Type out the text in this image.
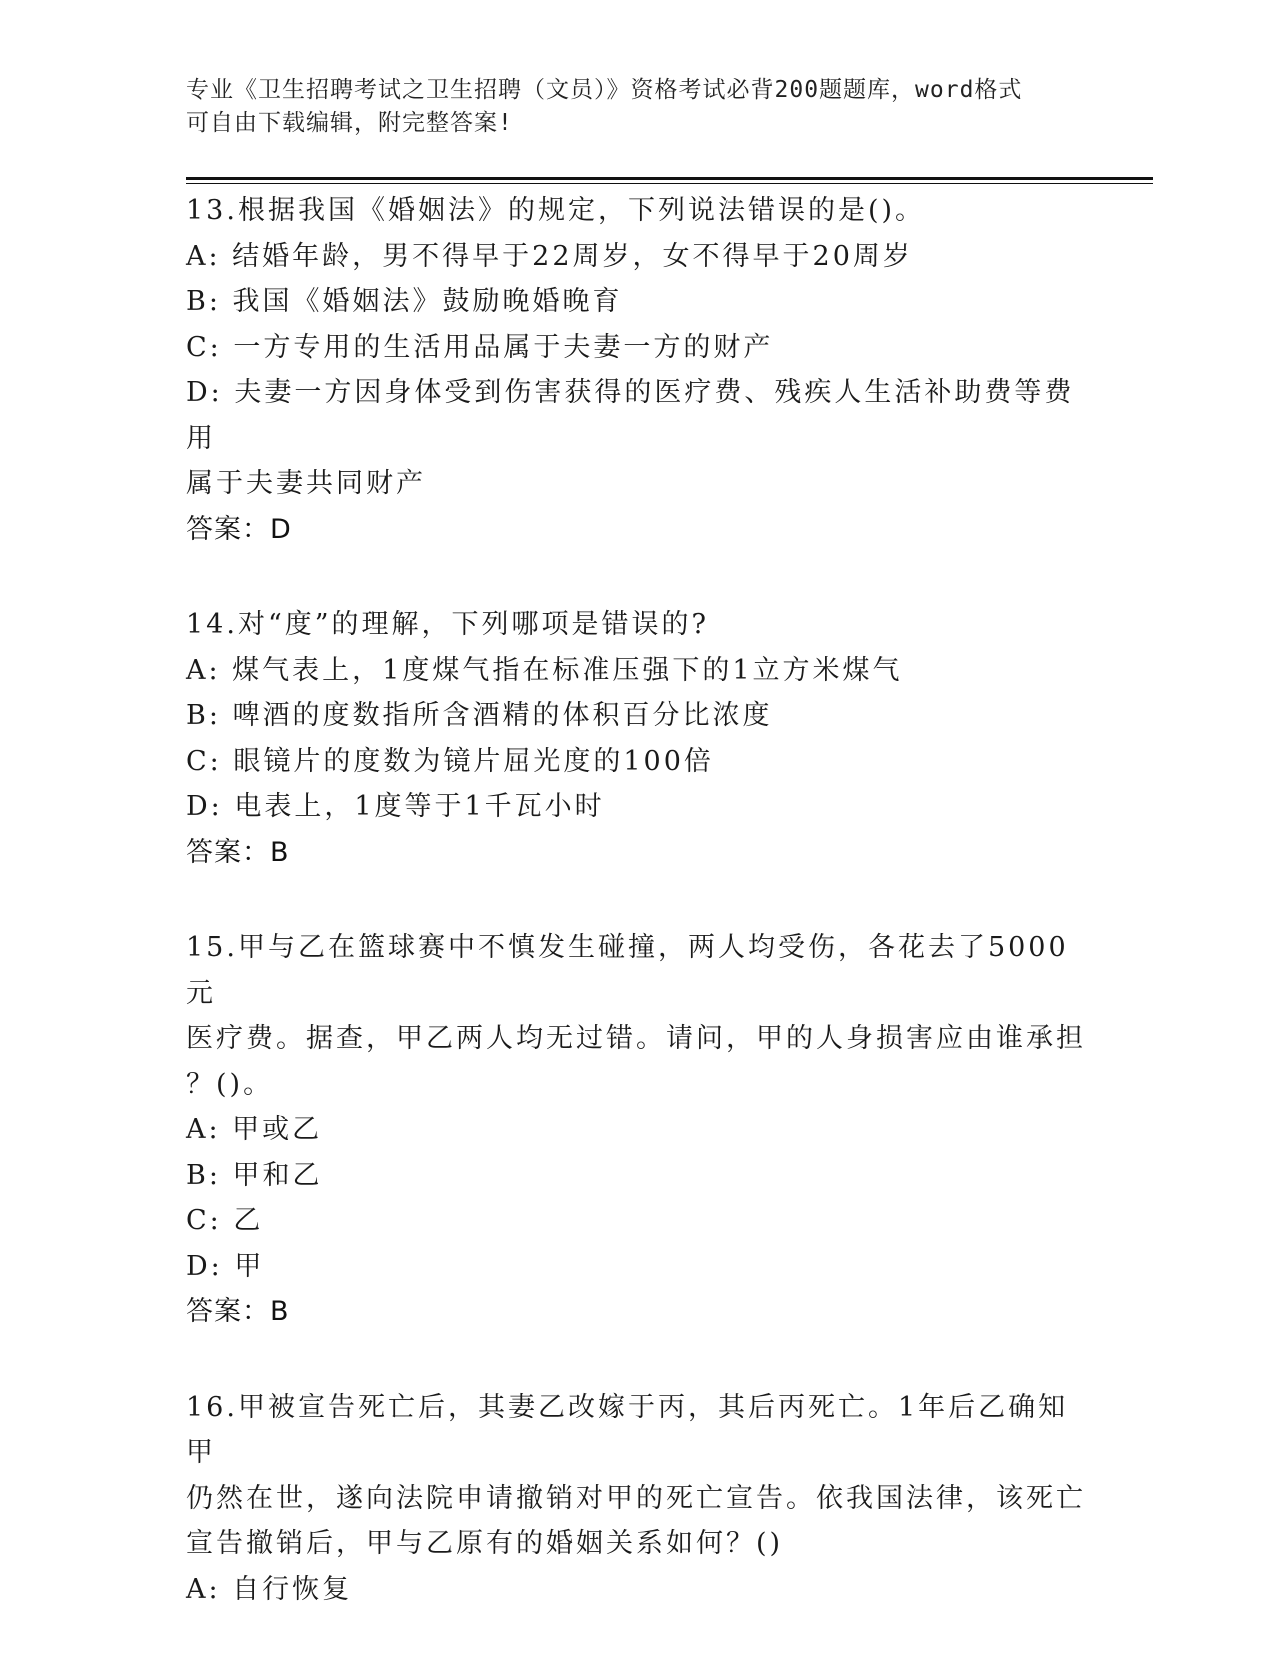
专业《卫生招聘考试之卫生招聘（文员）》资格考试必背200题题库，word格式
可自由下载编辑，附完整答案!

13.根据我国《婚姻法》的规定，下列说法错误的是()。

A: 结婚年龄，男不得早于22周岁，女不得早于20周岁

B: 我国《婚姻法》鼓励晚婚晚育

C: 一方专用的生活用品属于夫妻一方的财产

D: 夫妻一方因身体受到伤害获得的医疗费、残疾人生活补助费等费用

属于夫妻共同财产

答案：D

14.对“度”的理解，下列哪项是错误的?

A: 煤气表上，1度煤气指在标准压强下的1立方米煤气

B: 啤酒的度数指所含酒精的体积百分比浓度

C: 眼镜片的度数为镜片屈光度的100倍

D: 电表上，1度等于1千瓦小时

答案：B

15.甲与乙在篮球赛中不慎发生碰撞，两人均受伤，各花去了5000元

医疗费。据查，甲乙两人均无过错。请问，甲的人身损害应由谁承担

？()。

A: 甲或乙

B: 甲和乙

C: 乙

D: 甲

答案：B

16.甲被宣告死亡后，其妻乙改嫁于丙，其后丙死亡。1年后乙确知甲

仍然在世，遂向法院申请撤销对甲的死亡宣告。依我国法律，该死亡

宣告撤销后，甲与乙原有的婚姻关系如何？()

A: 自行恢复
